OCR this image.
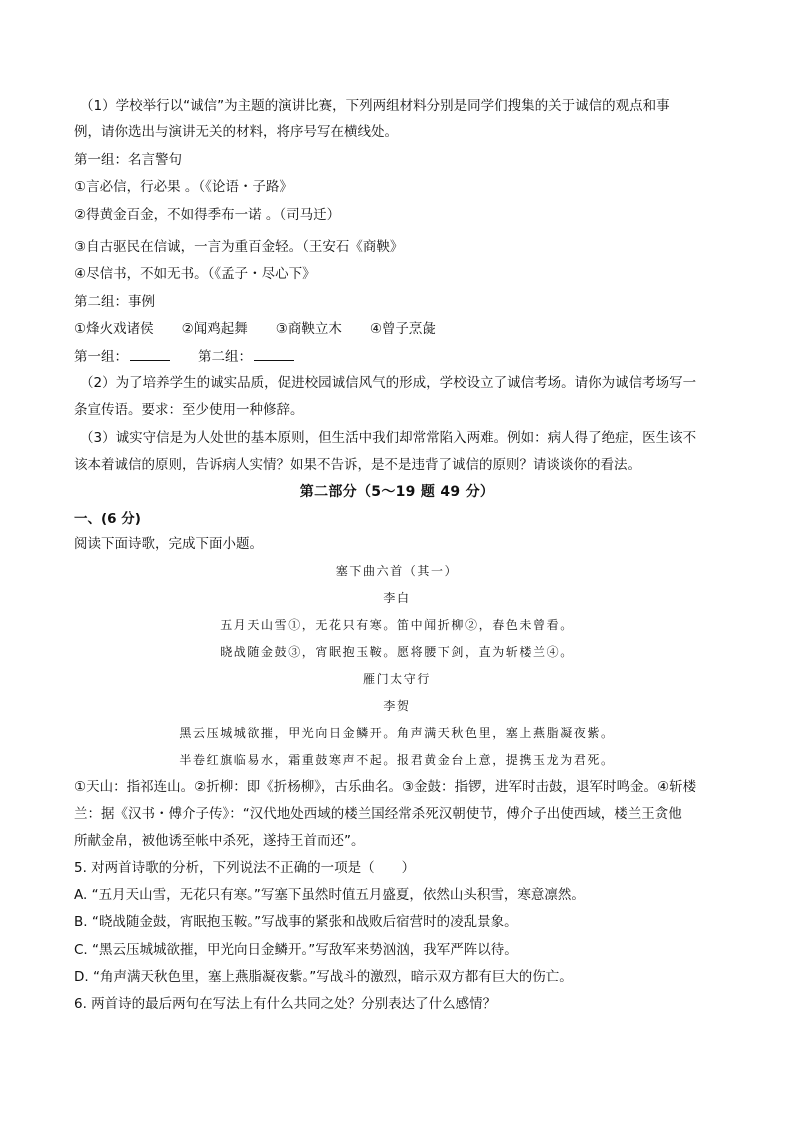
（1）学校举行以“诚信”为主题的演讲比赛，下列两组材料分别是同学们搜集的关于诚信的观点和事
例，请你选出与演讲无关的材料，将序号写在横线处。
第一组：名言警句
①言必信，行必果 。（《论语・子路》
②得黄金百金，不如得季布一诺 。（司马迁）
③自古驱民在信诚，一言为重百金轻。（王安石《商鞅》
④尽信书，不如无书。（《孟子・尽心下》
第二组：事例
①烽火戏诸侯 ②闻鸡起舞 ③商鞅立木 ④曾子烹彘
第一组：	第二组：
（2）为了培养学生的诚实品质，促进校园诚信风气的形成，学校设立了诚信考场。请你为诚信考场写一
条宣传语。要求：至少使用一种修辞。
（3）诚实守信是为人处世的基本原则，但生活中我们却常常陷入两难。例如：病人得了绝症，医生该不
该本着诚信的原则，告诉病人实情？如果不告诉，是不是违背了诚信的原则？请谈谈你的看法。
第二部分（5～19 题 49 分）
一、(6 分)
阅读下面诗歌，完成下面小题。
塞下曲六首（其一）
李白
五月天山雪①，无花只有寒。笛中闻折柳②，春色未曾看。
晓战随金鼓③，宵眠抱玉鞍。愿将腰下剑，直为斩楼兰④。
雁门太守行
李贺
黑云压城城欲摧，甲光向日金鳞开。角声满天秋色里，塞上燕脂凝夜紫。
半卷红旗临易水，霜重鼓寒声不起。报君黄金台上意，提携玉龙为君死。
①天山：指祁连山。②折柳：即《折杨柳》，古乐曲名。③金鼓：指锣，进军时击鼓，退军时鸣金。④斩楼
兰：据《汉书・傅介子传》：“汉代地处西域的楼兰国经常杀死汉朝使节，傅介子出使西域，楼兰王贪他
所献金帛，被他诱至帐中杀死，遂持王首而还”。
5. 对两首诗歌的分析，下列说法不正确的一项是（　　）
A. “五月天山雪，无花只有寒。”写塞下虽然时值五月盛夏，依然山头积雪，寒意凛然。
B. “晓战随金鼓，宵眠抱玉鞍。”写战事的紧张和战败后宿营时的凌乱景象。
C. “黑云压城城欲摧，甲光向日金鳞开。”写敌军来势汹汹，我军严阵以待。
D. “角声满天秋色里，塞上燕脂凝夜紫。”写战斗的激烈，暗示双方都有巨大的伤亡。
6. 两首诗的最后两句在写法上有什么共同之处？分别表达了什么感情？
